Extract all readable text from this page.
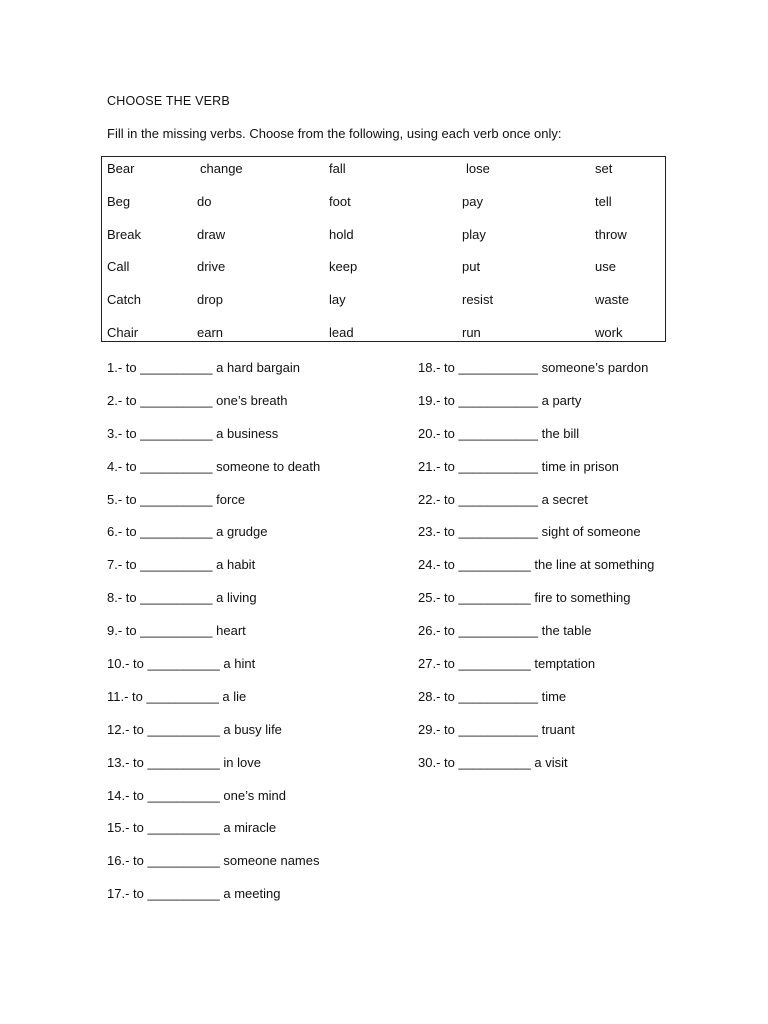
CHOOSE THE VERB
Fill in the missing verbs. Choose from the following, using each verb once only:
Bear
Beg
Break
Call
Catch
Chair
change
do
draw
drive
drop
earn
fall
foot
hold
keep
lay
lead
lose
pay
play
put
resist
run
set
tell
throw
use
waste
work
1.- to __________ a hard bargain
2.- to __________ one’s breath
3.- to __________ a business
4.- to __________ someone to death
5.- to __________ force
6.- to __________ a grudge
7.- to __________ a habit
8.- to __________ a living
9.- to __________ heart
10.- to __________ a hint
11.- to __________ a lie
12.- to __________ a busy life
13.- to __________ in love
14.- to __________ one’s mind
15.- to __________ a miracle
16.- to __________ someone names
17.- to __________ a meeting
18.- to ___________ someone’s pardon
19.- to ___________ a party
20.- to ___________ the bill
21.- to ___________ time in prison
22.- to ___________ a secret
23.- to ___________ sight of someone
24.- to __________ the line at something
25.- to __________ fire to something
26.- to ___________ the table
27.- to __________ temptation
28.- to ___________ time
29.- to ___________ truant
30.- to __________ a visit
